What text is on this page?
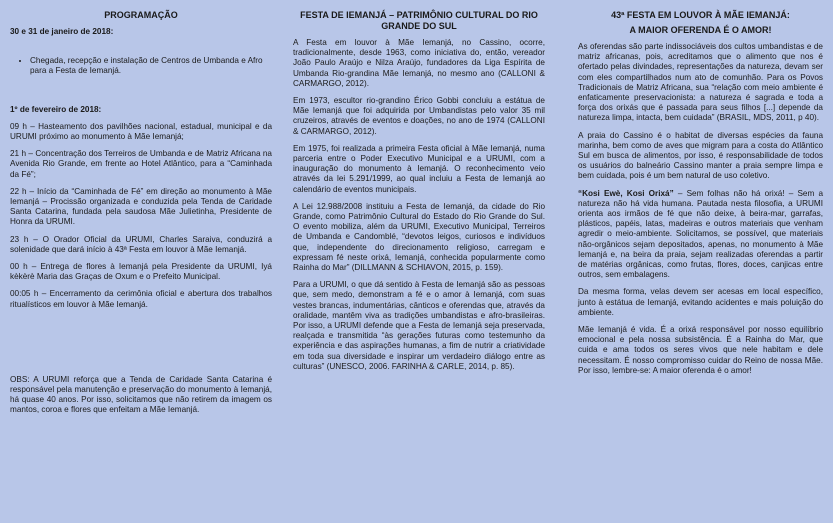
PROGRAMAÇÃO

30 e 31 de janeiro de 2018:

• Chegada, recepção e instalação de Centros de Umbanda e Afro para a Festa de Iemanjá.

1º de fevereiro de 2018:

09 h – Hasteamento dos pavilhões nacional, estadual, municipal e da URUMI próximo ao monumento à Mãe Iemanjá;

21 h – Concentração dos Terreiros de Umbanda e de Matriz Africana na Avenida Rio Grande, em frente ao Hotel Atlântico, para a “Caminhada da Fé”;

22 h – Início da “Caminhada de Fé” em direção ao monumento à Mãe Iemanjá – Procissão organizada e conduzida pela Tenda de Caridade Santa Catarina, fundada pela saudosa Mãe Julietinha, Presidente de Honra da URUMI.

23 h – O Orador Oficial da URUMI, Charles Saraiva, conduzirá a solenidade que dará início à 43ª Festa em louvor à Mãe Iemanjá.

00 h – Entrega de flores à Iemanjá pela Presidente da URUMI, Iyá kèkèrè Maria das Graças de Oxum e o Prefeito Municipal.

00:05 h – Encerramento da cerimônia oficial e abertura dos trabalhos ritualísticos em louvor à Mãe Iemanjá.

OBS: A URUMI reforça que a Tenda de Caridade Santa Catarina é responsável pela manutenção e preservação do monumento à Iemanjá, há quase 40 anos. Por isso, solicitamos que não retirem da imagem os mantos, coroa e flores que enfeitam a Mãe Iemanjá.

FESTA DE IEMANJÁ – PATRIMÔNIO CULTURAL DO RIO GRANDE DO SUL

A Festa em louvor à Mãe Iemanjá, no Cassino, ocorre, tradicionalmente, desde 1963, como iniciativa do, então, vereador João Paulo Araújo e Nilza Araújo, fundadores da Liga Espírita de Umbanda Rio-grandina Mãe Iemanjá, no mesmo ano (CALLONI & CARMARGO, 2012).

Em 1973, escultor rio-grandino Érico Gobbi concluiu a estátua de Mãe Iemanjá que foi adquirida por Umbandistas pelo valor 35 mil cruzeiros, através de eventos e doações, no ano de 1974 (CALLONI & CARMARGO, 2012).

Em 1975, foi realizada a primeira Festa oficial à Mãe Iemanjá, numa parceria entre o Poder Executivo Municipal e a URUMI, com a inauguração do monumento à Iemanjá. O reconhecimento veio através da lei 5.291/1999, ao qual incluiu a Festa de Iemanjá ao calendário de eventos municipais.

A Lei 12.988/2008 instituiu a Festa de Iemanjá, da cidade do Rio Grande, como Patrimônio Cultural do Estado do Rio Grande do Sul. O evento mobiliza, além da URUMI, Executivo Municipal, Terreiros de Umbanda e Candomblé, “devotos leigos, curiosos e indivíduos que, independente do direcionamento religioso, carregam e expressam fé neste orixá, Iemanjá, conhecida popularmente como Rainha do Mar” (DILLMANN & SCHIAVON, 2015, p. 159).

Para a URUMI, o que dá sentido à Festa de Iemanjá são as pessoas que, sem medo, demonstram a fé e o amor à Iemanjá, com suas vestes brancas, indumentárias, cânticos e oferendas que, através da oralidade, mantêm viva as tradições umbandistas e afro-brasileiras. Por isso, a URUMI defende que a Festa de Iemanjá seja preservada, realçada e transmitida “às gerações futuras como testemunho da experiência e das aspirações humanas, a fim de nutrir a criatividade em toda sua diversidade e inspirar um verdadeiro diálogo entre as culturas” (UNESCO, 2006. FARINHA & CARLE, 2014, p. 85).

43ª FESTA EM LOUVOR À MÃE IEMANJÁ:
A MAIOR OFERENDA É O AMOR!

As oferendas são parte indissociáveis dos cultos umbandistas e de matriz africanas, pois, acreditamos que o alimento que nos é ofertado pelas divindades, representações da natureza, devam ser com eles compartilhados num ato de comunhão. Para os Povos Tradicionais de Matriz Africana, sua “relação com meio ambiente é enfaticamente preservacionista: a natureza é sagrada e toda a força dos orixás que é passada para seus filhos [...] depende da natureza limpa, intacta, bem cuidada” (BRASIL, MDS, 2011, p 40).

A praia do Cassino é o habitat de diversas espécies da fauna marinha, bem como de aves que migram para a costa do Atlântico Sul em busca de alimentos, por isso, é responsabilidade de todos os usuários do balneário Cassino manter a praia sempre limpa e bem cuidada, pois é um bem natural de uso coletivo.

“Kosi Ewè, Kosi Orixá” – Sem folhas não há orixá! – Sem a natureza não há vida humana. Pautada nesta filosofia, a URUMI orienta aos irmãos de fé que não deixe, à beira-mar, garrafas, plásticos, papéis, latas, madeiras e outros materiais que venham agredir o meio-ambiente. Solicitamos, se possível, que materiais não-orgânicos sejam depositados, apenas, no monumento à Mãe Iemanjá e, na beira da praia, sejam realizadas oferendas a partir de matérias orgânicas, como frutas, flores, doces, canjicas entre outros, sem embalagens.

Da mesma forma, velas devem ser acesas em local específico, junto à estátua de Iemanjá, evitando acidentes e mais poluição do ambiente.

Mãe Iemanjá é vida. É a orixá responsável por nosso equilíbrio emocional e pela nossa subsistência. É a Rainha do Mar, que cuida e ama todos os seres vivos que nele habitam e dele necessitam. É nosso compromisso cuidar do Reino de nossa Mãe. Por isso, lembre-se: A maior oferenda é o amor!
